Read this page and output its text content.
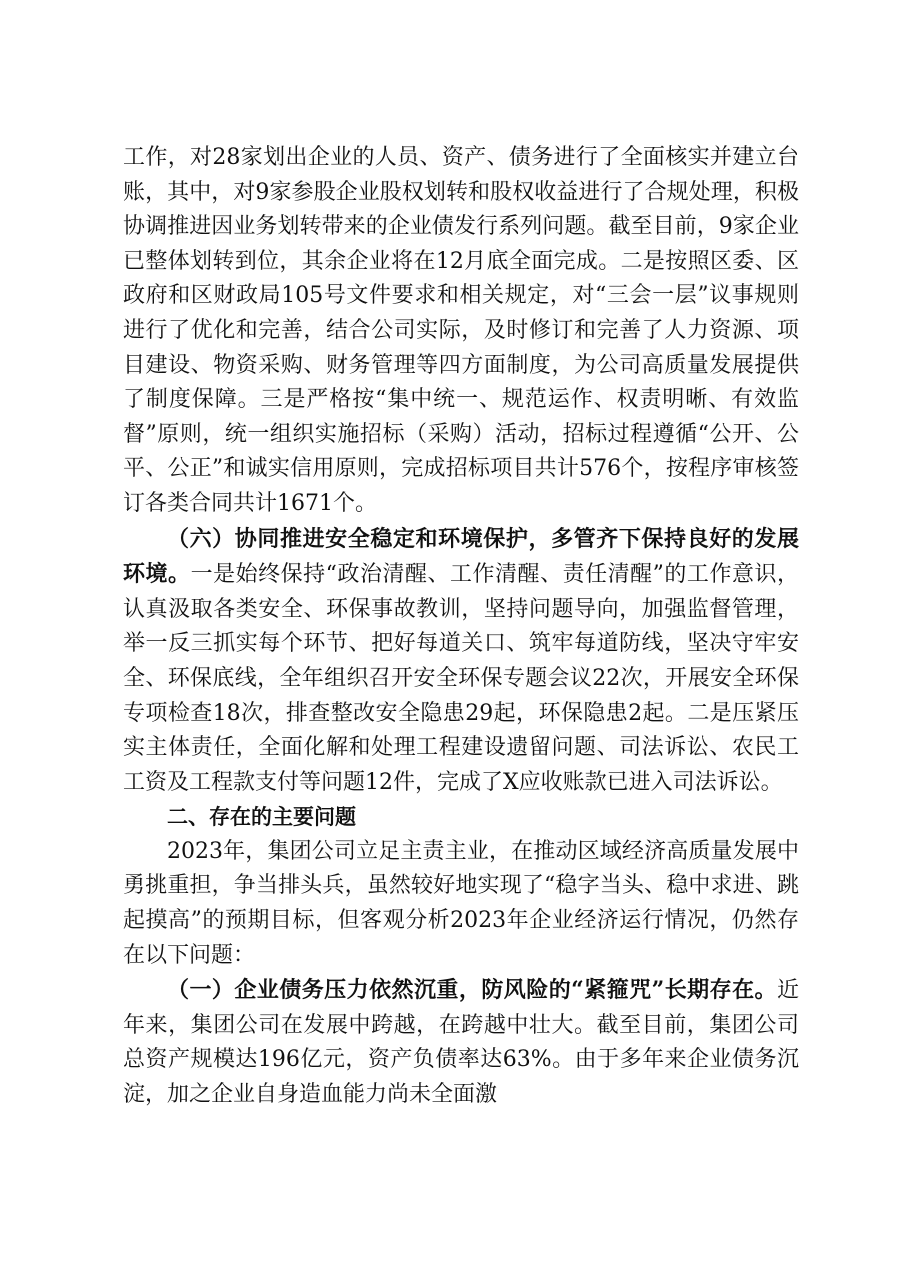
工作，对28家划出企业的人员、资产、债务进行了全面核实并建立台账，其中，对9家参股企业股权划转和股权收益进行了合规处理，积极协调推进因业务划转带来的企业债发行系列问题。截至目前，9家企业已整体划转到位，其余企业将在12月底全面完成。二是按照区委、区政府和区财政局105号文件要求和相关规定，对“三会一层”议事规则进行了优化和完善，结合公司实际，及时修订和完善了人力资源、项目建设、物资采购、财务管理等四方面制度，为公司高质量发展提供了制度保障。三是严格按“集中统一、规范运作、权责明晰、有效监督”原则，统一组织实施招标（采购）活动，招标过程遵循“公开、公平、公正”和诚实信用原则，完成招标项目共计576个，按程序审核签订各类合同共计1671个。

（六）协同推进安全稳定和环境保护，多管齐下保持良好的发展环境。一是始终保持“政治清醒、工作清醒、责任清醒”的工作意识，认真汲取各类安全、环保事故教训，坚持问题导向，加强监督管理，举一反三抓实每个环节、把好每道关口、筑牢每道防线，坚决守牢安全、环保底线，全年组织召开安全环保专题会议22次，开展安全环保专项检查18次，排查整改安全隐患29起，环保隐患2起。二是压紧压实主体责任，全面化解和处理工程建设遗留问题、司法诉讼、农民工工资及工程款支付等问题12件，完成了X应收账款已进入司法诉讼。

二、存在的主要问题

2023年，集团公司立足主责主业，在推动区域经济高质量发展中勇挑重担，争当排头兵，虽然较好地实现了“稳字当头、稳中求进、跳起摸高”的预期目标，但客观分析2023年企业经济运行情况，仍然存在以下问题：

（一）企业债务压力依然沉重，防风险的“紧箍咒”长期存在。近年来，集团公司在发展中跨越，在跨越中壮大。截至目前，集团公司总资产规模达196亿元，资产负债率达63%。由于多年来企业债务沉淀，加之企业自身造血能力尚未全面激
